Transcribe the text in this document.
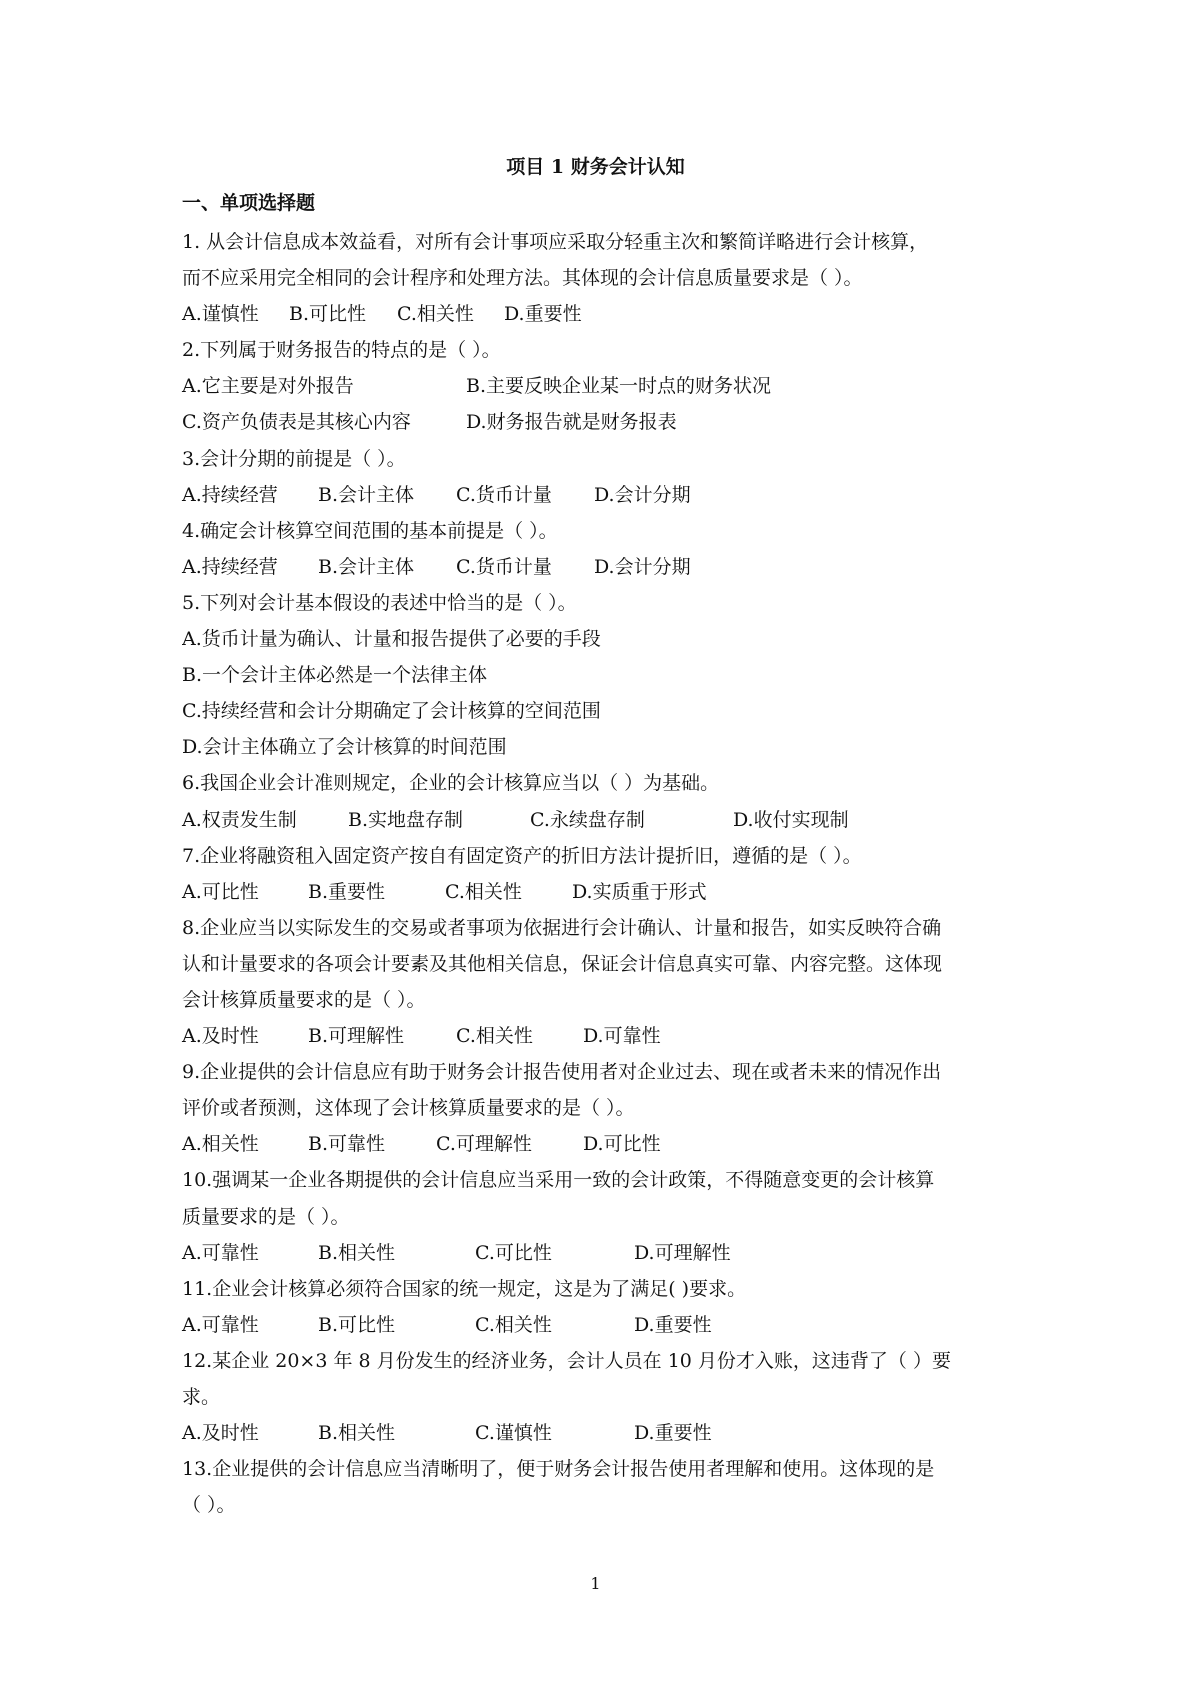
项目 1 财务会计认知
一、单项选择题
1. 从会计信息成本效益看，对所有会计事项应采取分轻重主次和繁简详略进行会计核算，
而不应采用完全相同的会计程序和处理方法。其体现的会计信息质量要求是（ ）。
A.谨慎性 B.可比性 C.相关性 D.重要性
2.下列属于财务报告的特点的是（ ）。
A.它主要是对外报告	B.主要反映企业某一时点的财务状况
C.资产负债表是其核心内容	D.财务报告就是财务报表
3.会计分期的前提是（ ）。
A.持续经营 B.会计主体 C.货币计量 D.会计分期
4.确定会计核算空间范围的基本前提是（ ）。
A.持续经营 B.会计主体 C.货币计量 D.会计分期
5.下列对会计基本假设的表述中恰当的是（ ）。
A.货币计量为确认、计量和报告提供了必要的手段
B.一个会计主体必然是一个法律主体
C.持续经营和会计分期确定了会计核算的空间范围
D.会计主体确立了会计核算的时间范围
6.我国企业会计准则规定，企业的会计核算应当以（ ）为基础。
A.权责发生制	B.实地盘存制	C.永续盘存制	D.收付实现制
7.企业将融资租入固定资产按自有固定资产的折旧方法计提折旧，遵循的是（ ）。
A.可比性	B.重要性	C.相关性	D.实质重于形式
8.企业应当以实际发生的交易或者事项为依据进行会计确认、计量和报告，如实反映符合确
认和计量要求的各项会计要素及其他相关信息，保证会计信息真实可靠、内容完整。这体现
会计核算质量要求的是（ ）。
A.及时性	B.可理解性	C.相关性	D.可靠性
9.企业提供的会计信息应有助于财务会计报告使用者对企业过去、现在或者未来的情况作出
评价或者预测，这体现了会计核算质量要求的是（ ）。
A.相关性	B.可靠性	C.可理解性	D.可比性
10.强调某一企业各期提供的会计信息应当采用一致的会计政策，不得随意变更的会计核算
质量要求的是（ ）。
A.可靠性	B.相关性	C.可比性	D.可理解性
11.企业会计核算必须符合国家的统一规定，这是为了满足( )要求。
A.可靠性	B.可比性	C.相关性	D.重要性
12.某企业 20×3 年 8 月份发生的经济业务，会计人员在 10 月份才入账，这违背了（ ）要
求。
A.及时性	B.相关性	C.谨慎性	D.重要性
13.企业提供的会计信息应当清晰明了，便于财务会计报告使用者理解和使用。这体现的是
（ ）。
1
